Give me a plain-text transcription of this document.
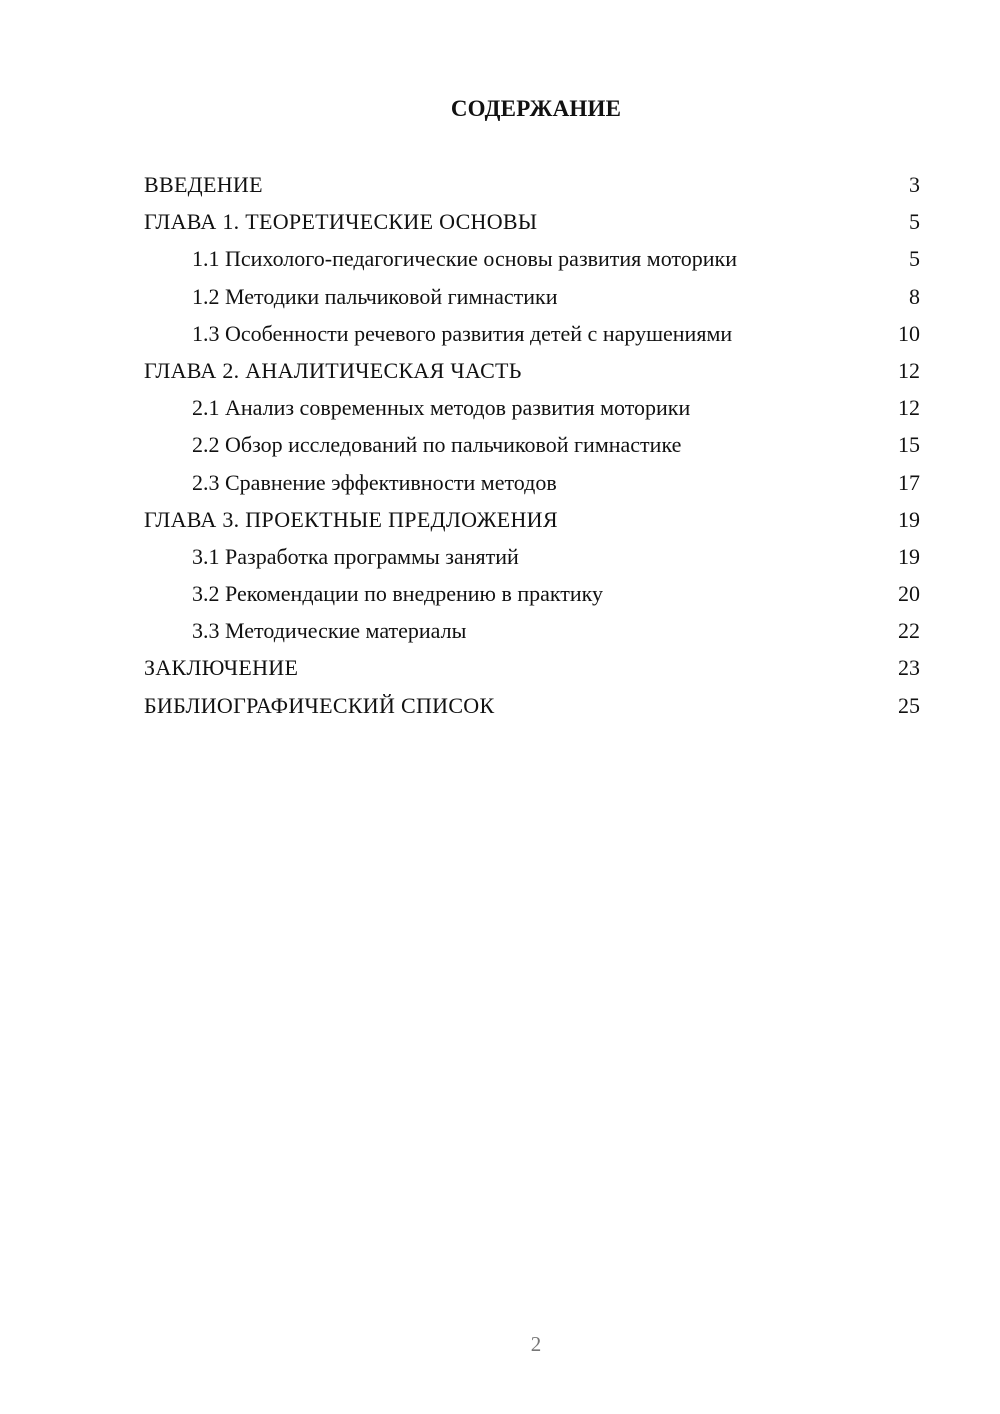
СОДЕРЖАНИЕ
ВВЕДЕНИЕ	3
ГЛАВА 1. ТЕОРЕТИЧЕСКИЕ ОСНОВЫ	5
1.1 Психолого-педагогические основы развития моторики	5
1.2 Методики пальчиковой гимнастики	8
1.3 Особенности речевого развития детей с нарушениями	10
ГЛАВА 2. АНАЛИТИЧЕСКАЯ ЧАСТЬ	12
2.1 Анализ современных методов развития моторики	12
2.2 Обзор исследований по пальчиковой гимнастике	15
2.3 Сравнение эффективности методов	17
ГЛАВА 3. ПРОЕКТНЫЕ ПРЕДЛОЖЕНИЯ	19
3.1 Разработка программы занятий	19
3.2 Рекомендации по внедрению в практику	20
3.3 Методические материалы	22
ЗАКЛЮЧЕНИЕ	23
БИБЛИОГРАФИЧЕСКИЙ СПИСОК	25
2
